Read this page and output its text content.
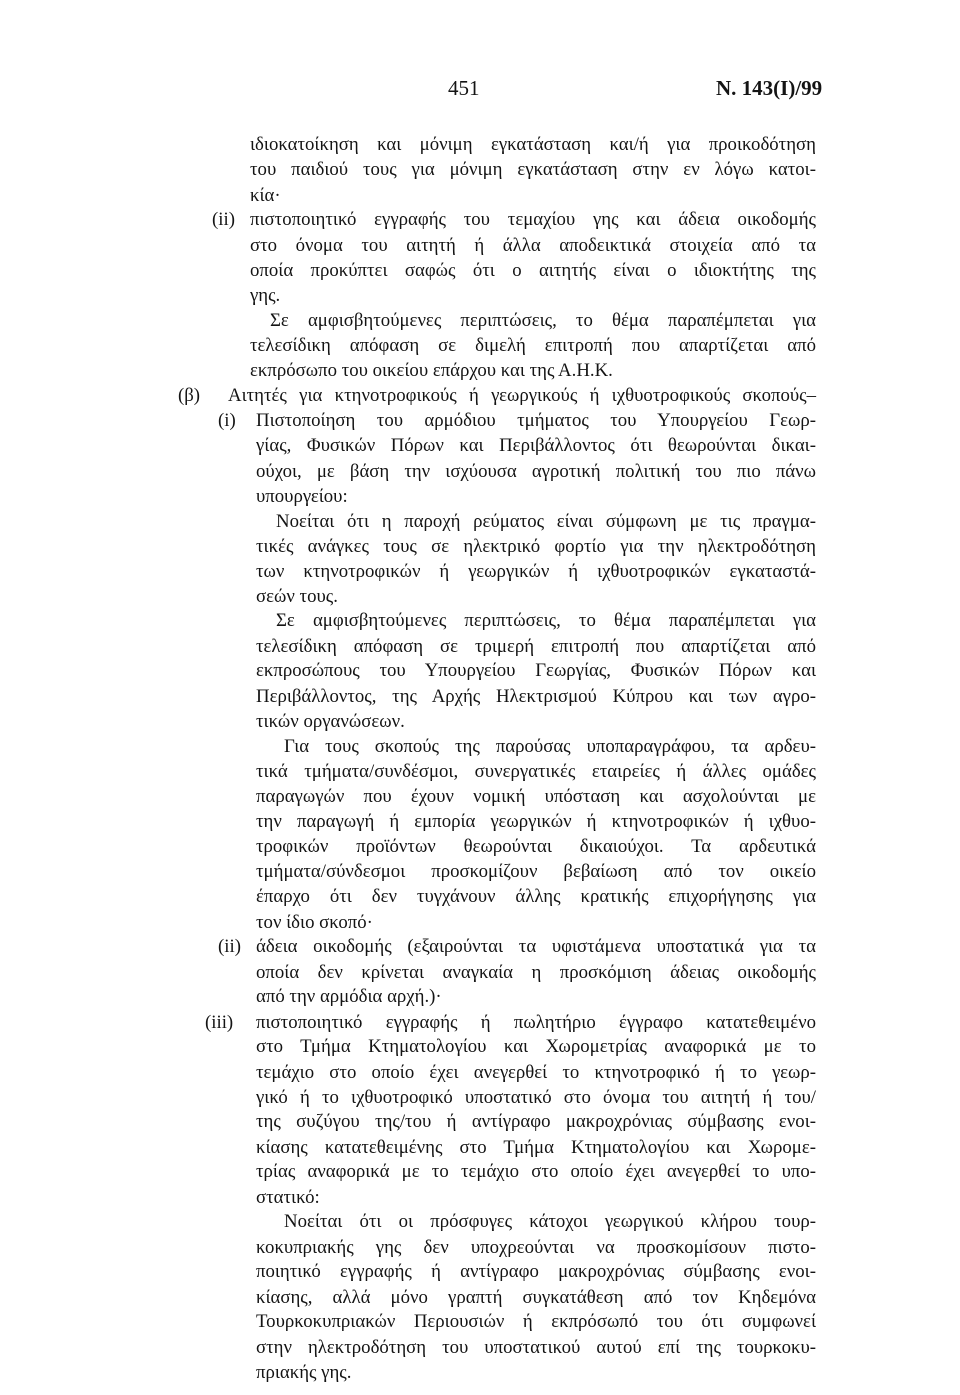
451	Ν. 143(Ι)/99
ιδιοκατοίκηση και μόνιμη εγκατάσταση και/ή για προικοδότηση
του παιδιού τους για μόνιμη εγκατάσταση στην εν λόγω κατοι-
κία·
(ii) πιστοποιητικό εγγραφής του τεμαχίου γης και άδεια οικοδομής
στο όνομα του αιτητή ή άλλα αποδεικτικά στοιχεία από τα
οποία προκύπτει σαφώς ότι ο αιτητής είναι ο ιδιοκτήτης της
γης.
Σε αμφισβητούμενες περιπτώσεις, το θέμα παραπέμπεται για
τελεσίδικη απόφαση σε διμελή επιτροπή που απαρτίζεται από
εκπρόσωπο του οικείου επάρχου και της Α.Η.Κ.
(β) Αιτητές για κτηνοτροφικούς ή γεωργικούς ή ιχθυοτροφικούς σκοπούς–
(i) Πιστοποίηση του αρμόδιου τμήματος του Υπουργείου Γεωρ-
γίας, Φυσικών Πόρων και Περιβάλλοντος ότι θεωρούνται δικαι-
ούχοι, με βάση την ισχύουσα αγροτική πολιτική του πιο πάνω
υπουργείου:
Νοείται ότι η παροχή ρεύματος είναι σύμφωνη με τις πραγμα-
τικές ανάγκες τους σε ηλεκτρικό φορτίο για την ηλεκτροδότηση
των κτηνοτροφικών ή γεωργικών ή ιχθυοτροφικών εγκαταστά-
σεών τους.
Σε αμφισβητούμενες περιπτώσεις, το θέμα παραπέμπεται για
τελεσίδικη απόφαση σε τριμερή επιτροπή που απαρτίζεται από
εκπροσώπους του Υπουργείου Γεωργίας, Φυσικών Πόρων και
Περιβάλλοντος, της Αρχής Ηλεκτρισμού Κύπρου και των αγρο-
τικών οργανώσεων.
Για τους σκοπούς της παρούσας υποπαραγράφου, τα αρδευ-
τικά τμήματα/συνδέσμοι, συνεργατικές εταιρείες ή άλλες ομάδες
παραγωγών που έχουν νομική υπόσταση και ασχολούνται με
την παραγωγή ή εμπορία γεωργικών ή κτηνοτροφικών ή ιχθυο-
τροφικών προϊόντων θεωρούνται δικαιούχοι. Τα αρδευτικά
τμήματα/σύνδεσμοι προσκομίζουν βεβαίωση από τον οικείο
έπαρχο ότι δεν τυγχάνουν άλλης κρατικής επιχορήγησης για
τον ίδιο σκοπό·
(ii) άδεια οικοδομής (εξαιρούνται τα υφιστάμενα υποστατικά για τα
οποία δεν κρίνεται αναγκαία η προσκόμιση άδειας οικοδομής
από την αρμόδια αρχή.)·
(iii) πιστοποιητικό εγγραφής ή πωλητήριο έγγραφο κατατεθειμένο
στο Τμήμα Κτηματολογίου και Χωρομετρίας αναφορικά με το
τεμάχιο στο οποίο έχει ανεγερθεί το κτηνοτροφικό ή το γεωρ-
γικό ή το ιχθυοτροφικό υποστατικό στο όνομα του αιτητή ή του/
της συζύγου της/του ή αντίγραφο μακροχρόνιας σύμβασης ενοι-
κίασης κατατεθειμένης στο Τμήμα Κτηματολογίου και Χωρομε-
τρίας αναφορικά με το τεμάχιο στο οποίο έχει ανεγερθεί το υπο-
στατικό:
Νοείται ότι οι πρόσφυγες κάτοχοι γεωργικού κλήρου τουρ-
κοκυπριακής γης δεν υποχρεούνται να προσκομίσουν πιστο-
ποιητικό εγγραφής ή αντίγραφο μακροχρόνιας σύμβασης ενοι-
κίασης, αλλά μόνο γραπτή συγκατάθεση από τον Κηδεμόνα
Τουρκοκυπριακών Περιουσιών ή εκπρόσωπό του ότι συμφωνεί
στην ηλεκτροδότηση του υποστατικού αυτού επί της τουρκοκυ-
πριακής γης.
